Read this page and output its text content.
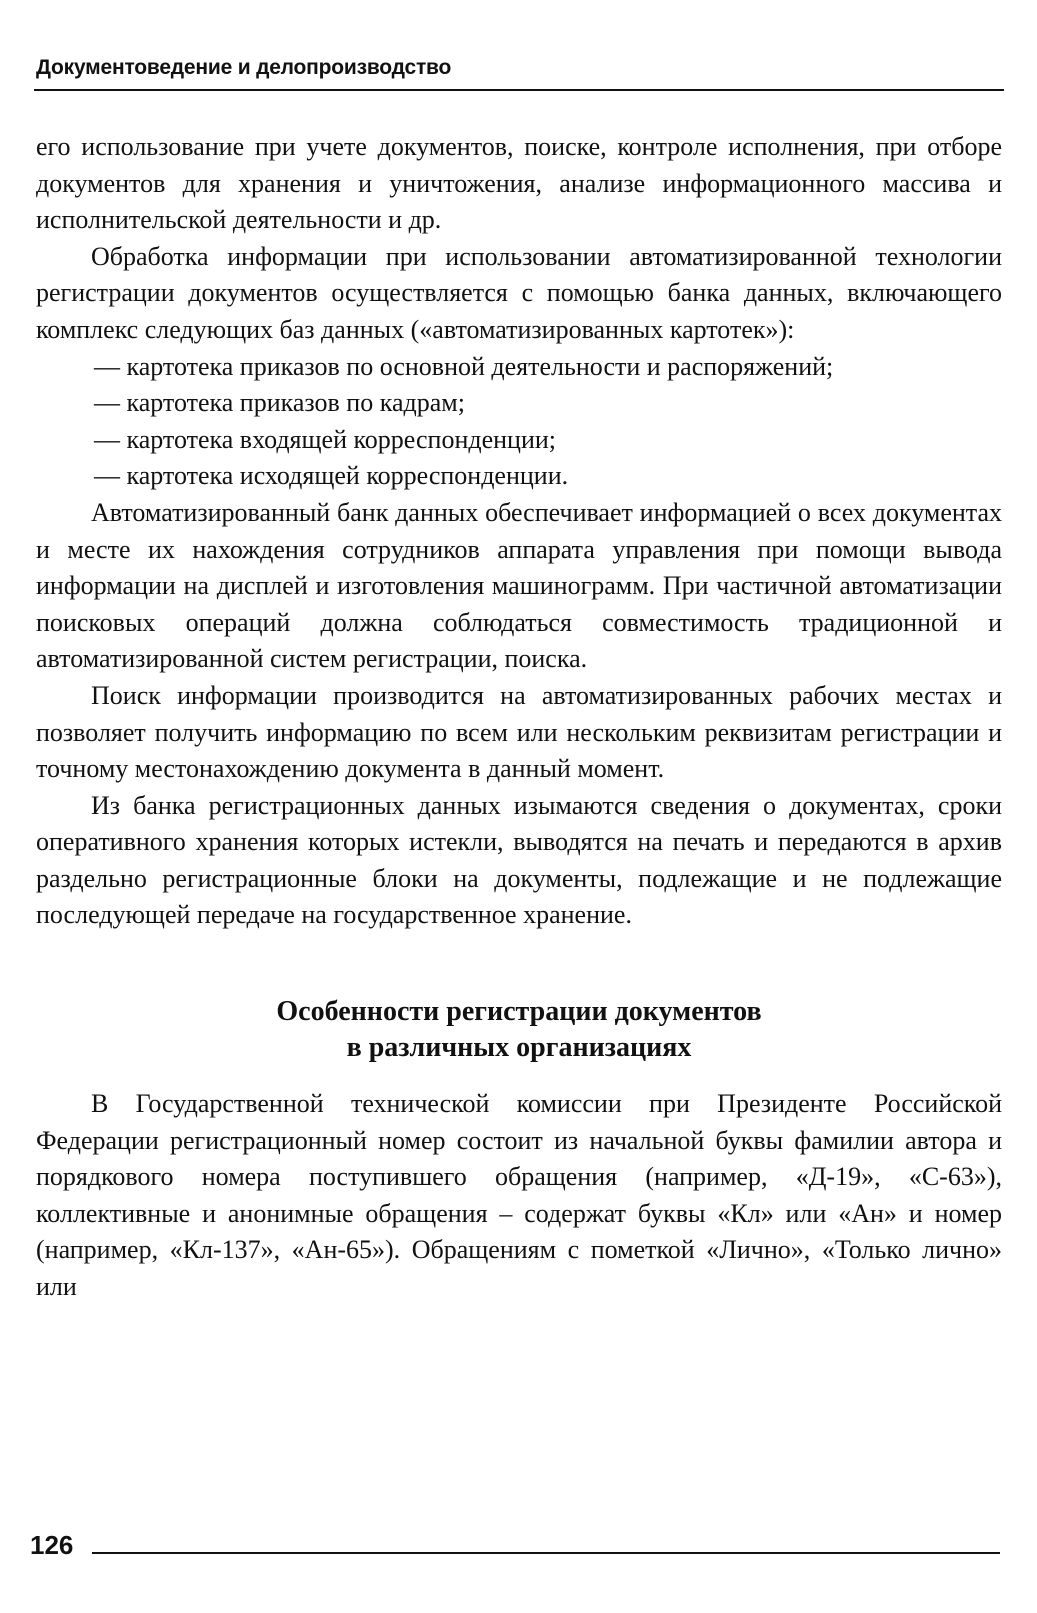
Документоведение и делопроизводство

его использование при учете документов, поиске, контроле исполнения, при отборе документов для хранения и уничтожения, анализе информационного массива и исполнительской деятельности и др.

Обработка информации при использовании автоматизированной технологии регистрации документов осуществляется с помощью банка данных, включающего комплекс следующих баз данных («автоматизированных картотек»):

— картотека приказов по основной деятельности и распоряжений;
— картотека приказов по кадрам;
— картотека входящей корреспонденции;
— картотека исходящей корреспонденции.

Автоматизированный банк данных обеспечивает информацией о всех документах и месте их нахождения сотрудников аппарата управления при помощи вывода информации на дисплей и изготовления машинограмм. При частичной автоматизации поисковых операций должна соблюдаться совместимость традиционной и автоматизированной систем регистрации, поиска.

Поиск информации производится на автоматизированных рабочих местах и позволяет получить информацию по всем или нескольким реквизитам регистрации и точному местонахождению документа в данный момент.

Из банка регистрационных данных изымаются сведения о документах, сроки оперативного хранения которых истекли, выводятся на печать и передаются в архив раздельно регистрационные блоки на документы, подлежащие и не подлежащие последующей передаче на государственное хранение.

Особенности регистрации документов
в различных организациях

В Государственной технической комиссии при Президенте Российской Федерации регистрационный номер состоит из начальной буквы фамилии автора и порядкового номера поступившего обращения (например, «Д-19», «С-63»), коллективные и анонимные обращения – содержат буквы «Кл» или «Ан» и номер (например, «Кл-137», «Ан-65»). Обращениям с пометкой «Лично», «Только лично» или

126
